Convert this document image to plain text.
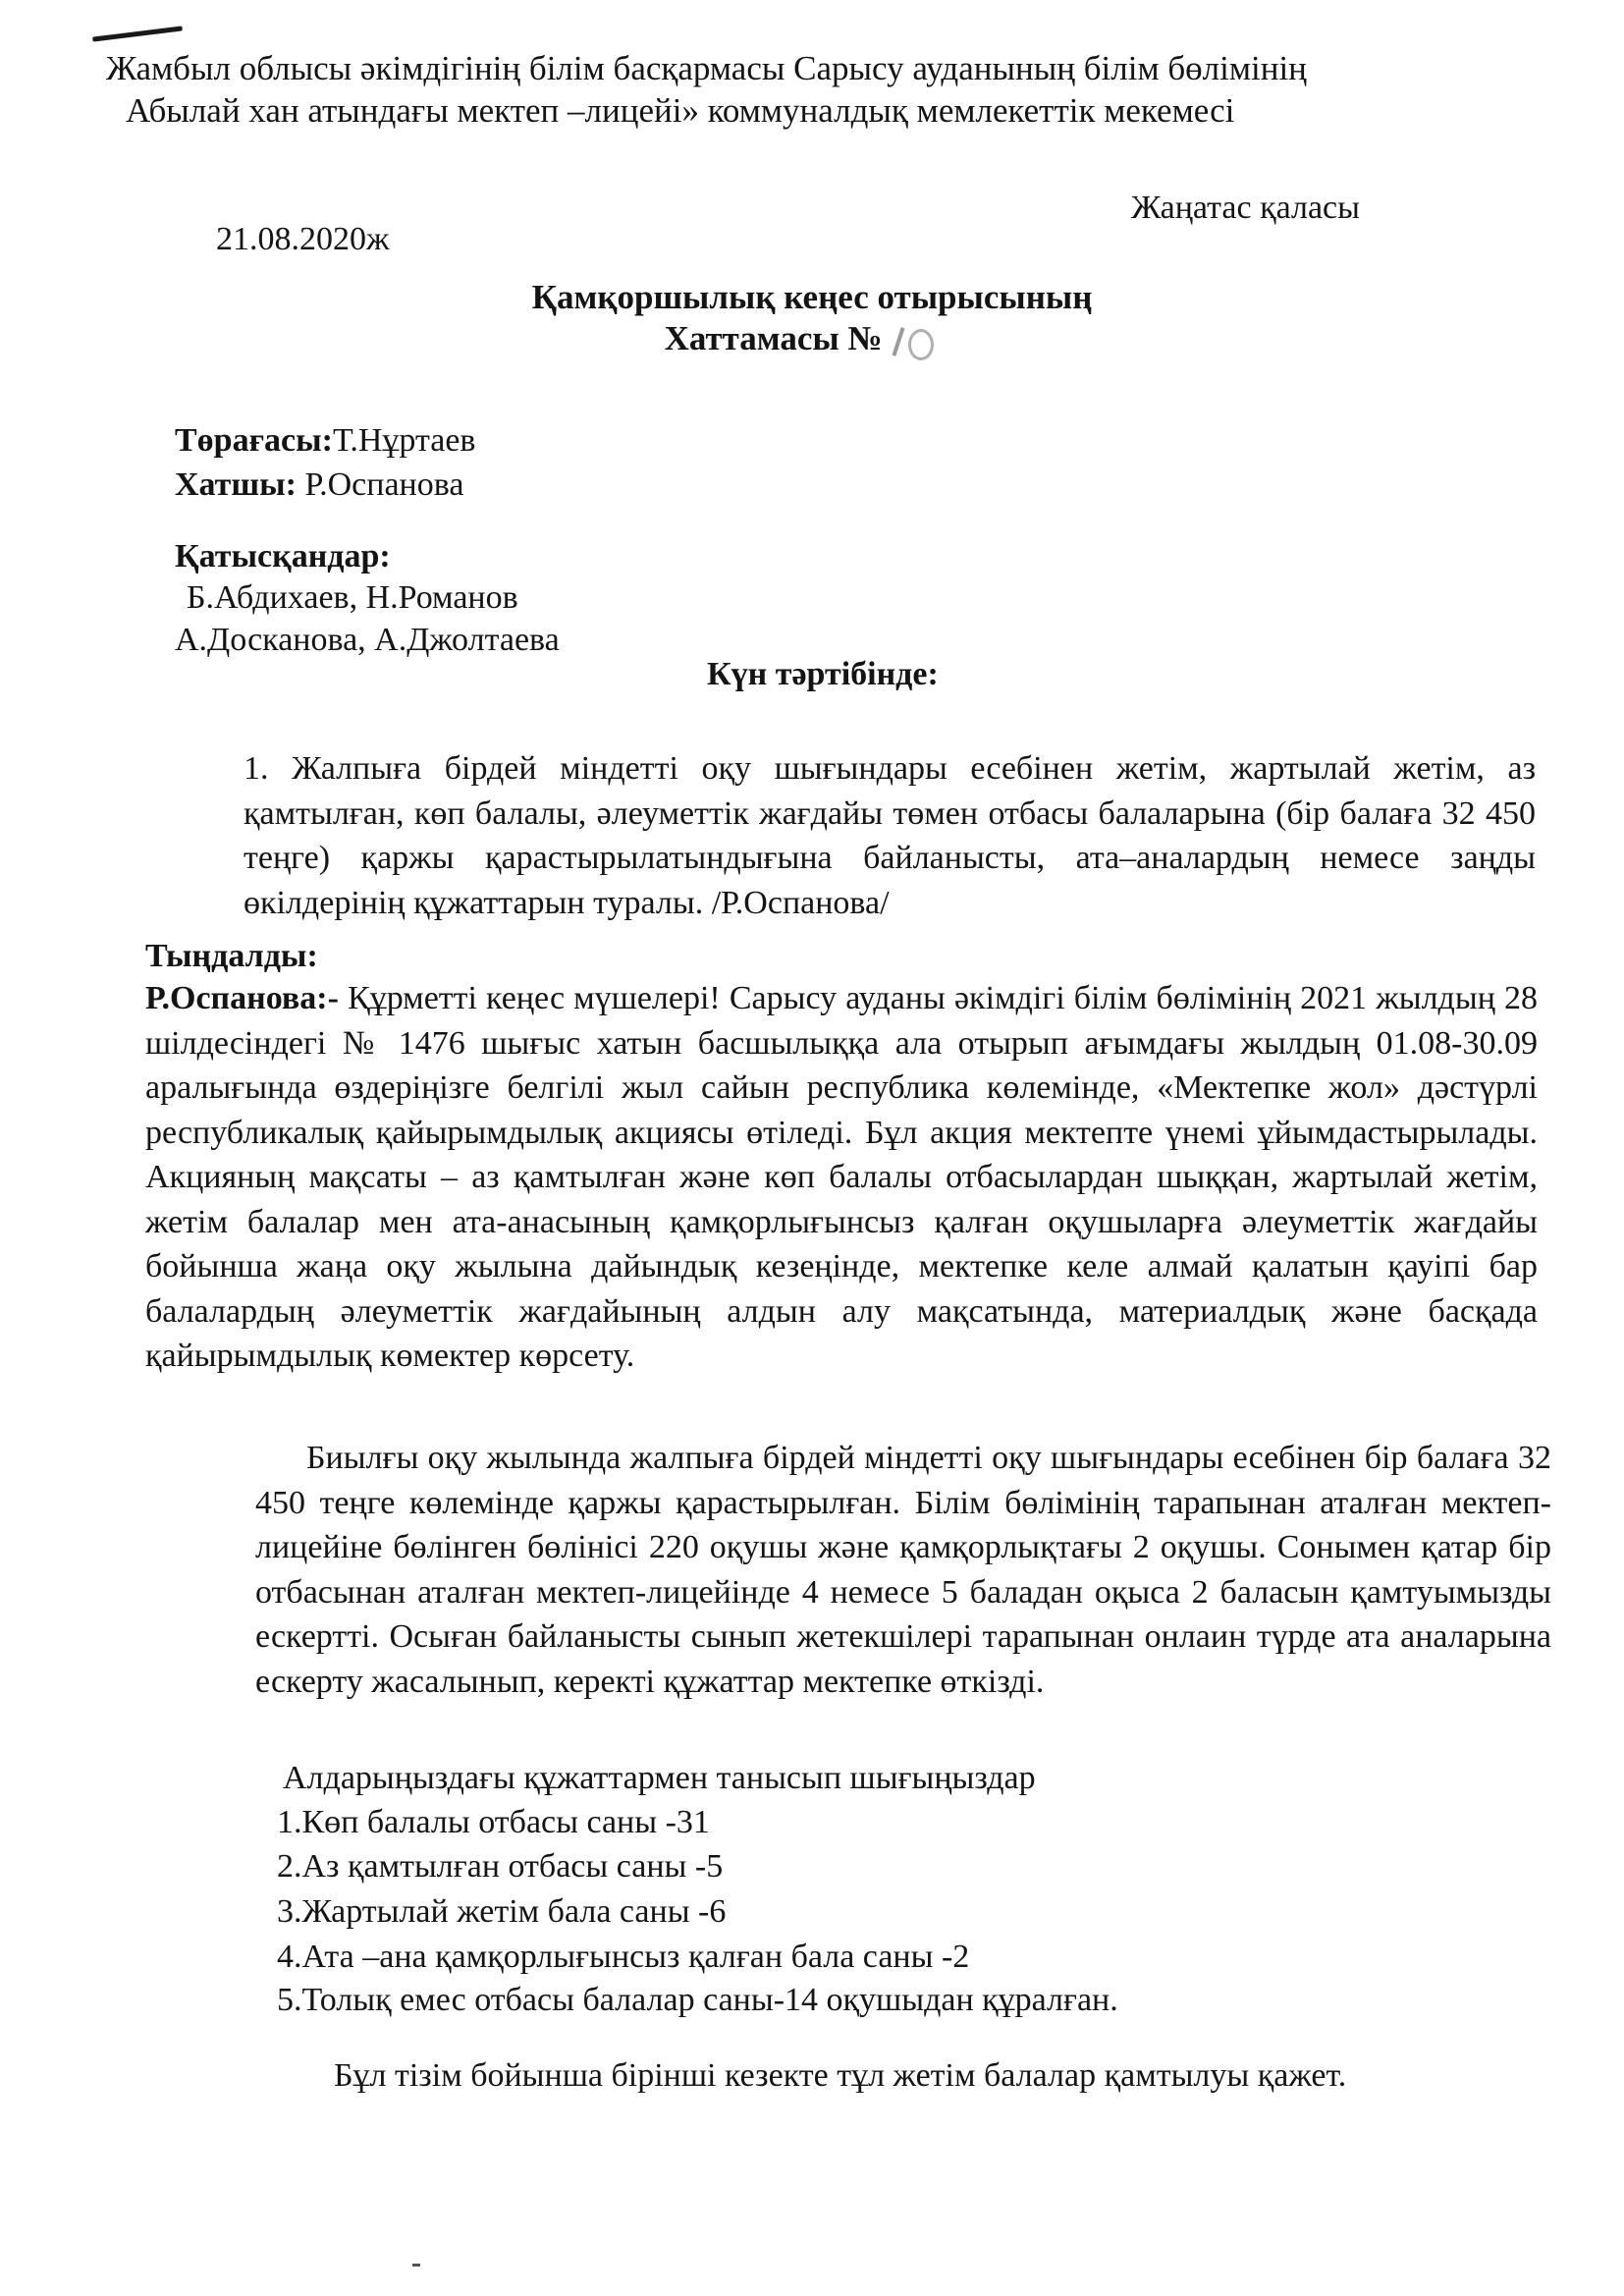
Жамбыл облысы әкімдігінің білім басқармасы Сарысу ауданының білім бөлімінің
Абылай хан атындағы мектеп –лицейі» коммуналдық мемлекеттік мекемесі
Жаңатас қаласы
21.08.2020ж
Қамқоршылық кеңес отырысының
Хаттамасы №
Төрағасы:Т.Нұртаев
Хатшы: Р.Оспанова
Қатысқандар:
Б.Абдихаев, Н.Романов
А.Досканова, А.Джолтаева
Күн тәртібінде:
1. Жалпыға бірдей міндетті оқу шығындары есебінен жетім, жартылай жетім, аз қамтылған, көп балалы, әлеуметтік жағдайы төмен отбасы балаларына (бір балаға 32 450 теңге) қаржы қарастырылатындығына байланысты, ата–аналардың немесе заңды өкілдерінің құжаттарын туралы. /Р.Оспанова/
Тыңдалды:
Р.Оспанова:- Құрметті кеңес мүшелері! Сарысу ауданы әкімдігі білім бөлімінің 2021 жылдың 28 шілдесіндегі № 1476 шығыс хатын басшылыққа ала отырып ағымдағы жылдың 01.08-30.09 аралығында өздеріңізге белгілі жыл сайын республика көлемінде, «Мектепке жол» дәстүрлі республикалық қайырымдылық акциясы өтіледі. Бұл акция мектепте үнемі ұйымдастырылады. Акцияның мақсаты – аз қамтылған және көп балалы отбасылардан шыққан, жартылай жетім, жетім балалар мен ата-анасының қамқорлығынсыз қалған оқушыларға әлеуметтік жағдайы бойынша жаңа оқу жылына дайындық кезеңінде, мектепке келе алмай қалатын қауіпі бар балалардың әлеуметтік жағдайының алдын алу мақсатында, материалдық және басқада қайырымдылық көмектер көрсету.
Биылғы оқу жылында жалпыға бірдей міндетті оқу шығындары есебінен бір балаға 32 450 теңге көлемінде қаржы қарастырылған. Білім бөлімінің тарапынан аталған мектеп-лицейіне бөлінген бөлінісі 220 оқушы және қамқорлықтағы 2 оқушы. Сонымен қатар бір отбасынан аталған мектеп-лицейінде 4 немесе 5 баладан оқыса 2 баласын қамтуымызды ескертті. Осыған байланысты сынып жетекшілері тарапынан онлаин түрде ата аналарына ескерту жасалынып, керекті құжаттар мектепке өткізді.
Алдарыңыздағы құжаттармен танысып шығыңыздар
1.Көп балалы отбасы саны -31
2.Аз қамтылған отбасы саны -5
3.Жартылай жетім бала саны -6
4.Ата –ана қамқорлығынсыз қалған бала саны -2
5.Толық емес отбасы балалар саны-14 оқушыдан құралған.
Бұл тізім бойынша бірінші кезекте тұл жетім балалар қамтылуы қажет.
